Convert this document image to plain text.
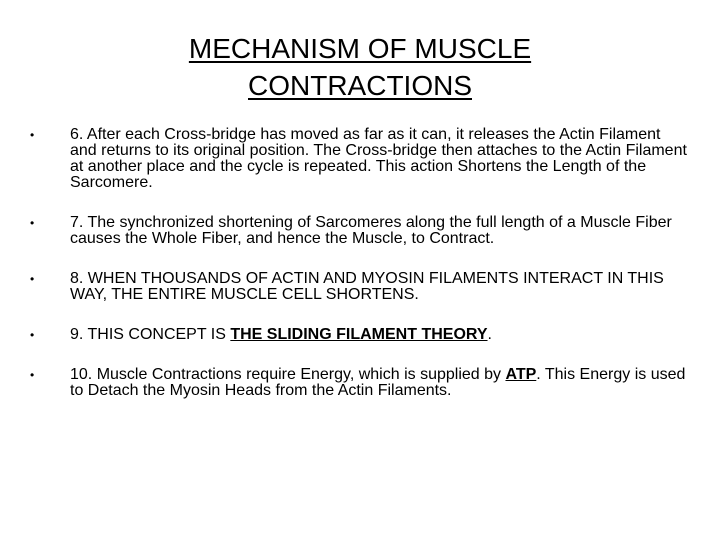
MECHANISM OF MUSCLE
CONTRACTIONS
•	6. After each Cross-bridge has moved as far as it can, it releases the Actin Filament and returns to its original position. The Cross-bridge then attaches to the Actin Filament at another place and the cycle is repeated. This action Shortens the Length of the Sarcomere.
•	7. The synchronized shortening of Sarcomeres along the full length of a Muscle Fiber causes the Whole Fiber, and hence the Muscle, to Contract.
•	8. WHEN THOUSANDS OF ACTIN AND MYOSIN FILAMENTS INTERACT IN THIS WAY, THE ENTIRE MUSCLE CELL SHORTENS.
•	9. THIS CONCEPT IS THE SLIDING FILAMENT THEORY.
•	10. Muscle Contractions require Energy, which is supplied by ATP. This Energy is used to Detach the Myosin Heads from the Actin Filaments.
